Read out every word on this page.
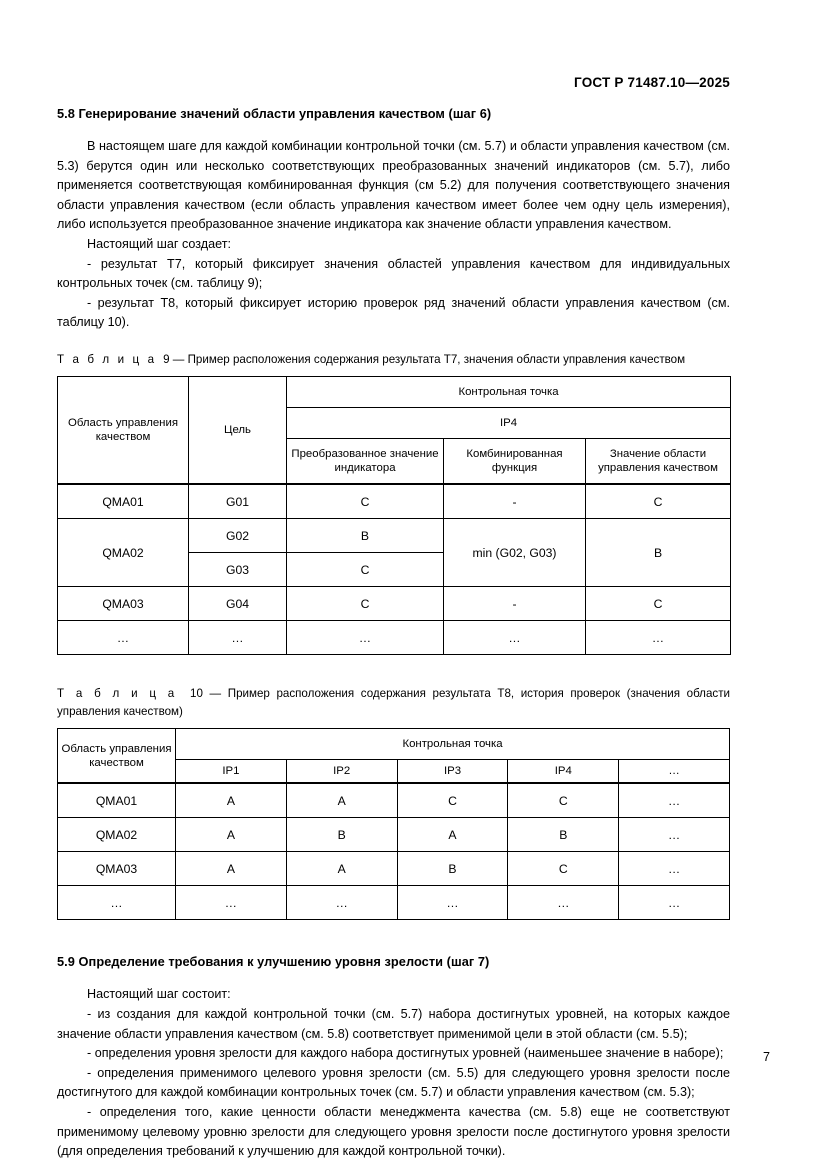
ГОСТ Р 71487.10—2025
5.8 Генерирование значений области управления качеством (шаг 6)

В настоящем шаге для каждой комбинации контрольной точки (см. 5.7) и области управления качеством (см. 5.3) берутся один или несколько соответствующих преобразованных значений индикаторов (см. 5.7), либо применяется соответствующая комбинированная функция (см 5.2) для получения соответствующего значения области управления качеством (если область управления качеством имеет более чем одну цель измерения), либо используется преобразованное значение индикатора как значение области управления качеством.

Настоящий шаг создает:

- результат Т7, который фиксирует значения областей управления качеством для индивидуальных контрольных точек (см. таблицу 9);

- результат Т8, который фиксирует историю проверок ряд значений области управления качеством (см. таблицу 10).

Т а б л и ц а 9 — Пример расположения содержания результата Т7, значения области управления качеством

Область управления качеством	Цель	Контрольная точка		
		IP4		
		Преобразованное значение индикатора	Комбинированная функция	Значение области управления качеством
QMA01	G01	C	-	C
QMA02	G02	B	min (G02, G03)	B
	G03	C		
QMA03	G04	C	-	C
…	…	…	…	…

Т а б л и ц а 10 — Пример расположения содержания результата Т8, история проверок (значения области управления качеством)

Область управления качеством	Контрольная точка				
	IP1	IP2	IP3	IP4	…
QMA01	A	A	C	C	…
QMA02	A	B	A	B	…
QMA03	A	A	B	C	…
…	…	…	…	…	…
5.9 Определение требования к улучшению уровня зрелости (шаг 7)

Настоящий шаг состоит:

- из создания для каждой контрольной точки (см. 5.7) набора достигнутых уровней, на которых каждое значение области управления качеством (см. 5.8) соответствует применимой цели в этой области (см. 5.5);

- определения уровня зрелости для каждого набора достигнутых уровней (наименьшее значение в наборе);

- определения применимого целевого уровня зрелости (см. 5.5) для следующего уровня зрелости после достигнутого для каждой комбинации контрольных точек (см. 5.7) и области управления качеством (см. 5.3);

- определения того, какие ценности области менеджмента качества (см. 5.8) еще не соответствуют применимому целевому уровню зрелости для следующего уровня зрелости после достигнутого уровня зрелости (для определения требований к улучшению для каждой контрольной точки).

7
